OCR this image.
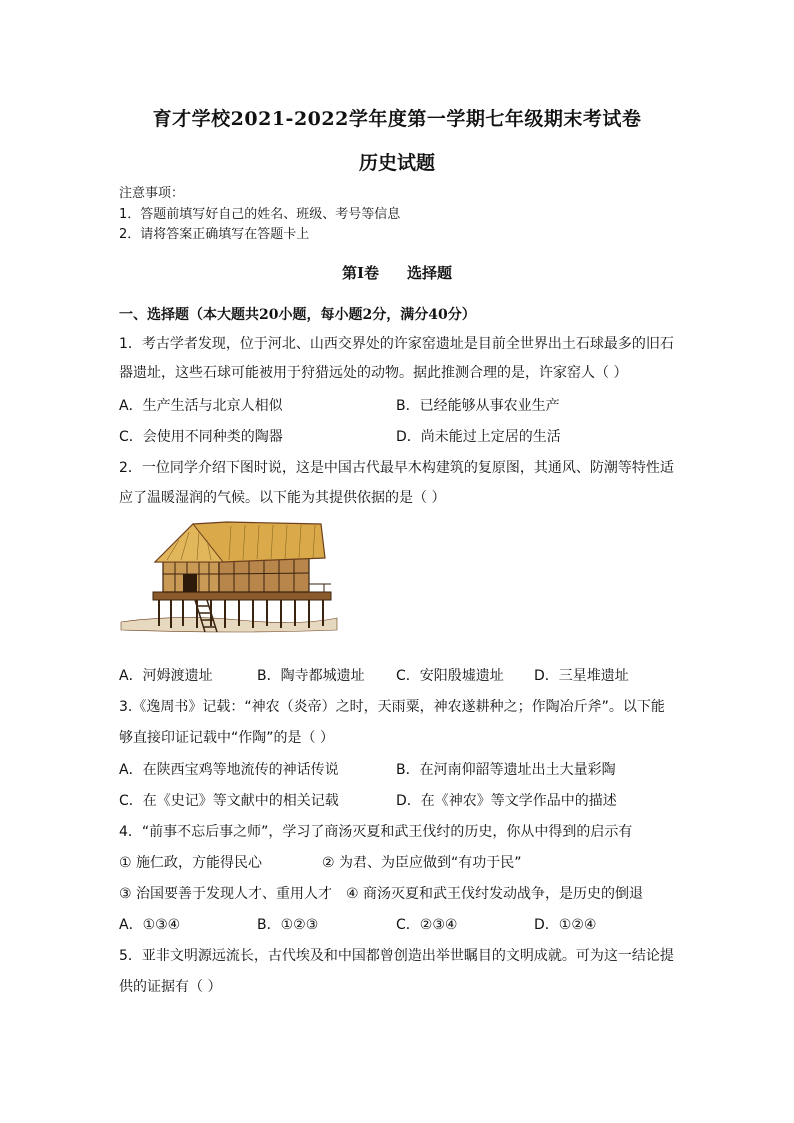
育才学校2021-2022学年度第一学期七年级期末考试卷
历史试题
注意事项：
1．答题前填写好自己的姓名、班级、考号等信息
2．请将答案正确填写在答题卡上
第Ⅰ卷 选择题
一、选择题（本大题共20小题，每小题2分，满分40分）
1．考古学者发现，位于河北、山西交界处的许家窑遗址是目前全世界出土石球最多的旧石
器遗址，这些石球可能被用于狩猎远处的动物。据此推测合理的是，许家窑人（ ）
A．生产生活与北京人相似	B．已经能够从事农业生产
C．会使用不同种类的陶器	D．尚未能过上定居的生活
2．一位同学介绍下图时说，这是中国古代最早木构建筑的复原图，其通风、防潮等特性适
应了温暖湿润的气候。以下能为其提供依据的是（ ）
A．河姆渡遗址	B．陶寺都城遗址 C．安阳殷墟遗址 D．三星堆遗址
3.《逸周书》记载：“神农（炎帝）之时，天雨粟，神农遂耕种之；作陶冶斤斧”。以下能
够直接印证记载中“作陶”的是（ ）
A．在陕西宝鸡等地流传的神话传说	B．在河南仰韶等遗址出土大量彩陶
C．在《史记》等文献中的相关记载	D．在《神农》等文学作品中的描述
4．“前事不忘后事之师”，学习了商汤灭夏和武王伐纣的历史，你从中得到的启示有
① 施仁政，方能得民心	② 为君、为臣应做到“有功于民”
③ 治国要善于发现人才、重用人才 ④ 商汤灭夏和武王伐纣发动战争，是历史的倒退
A．①③④	B．①②③	C．②③④	D．①②④
5．亚非文明源远流长，古代埃及和中国都曾创造出举世瞩目的文明成就。可为这一结论提
供的证据有（ ）
